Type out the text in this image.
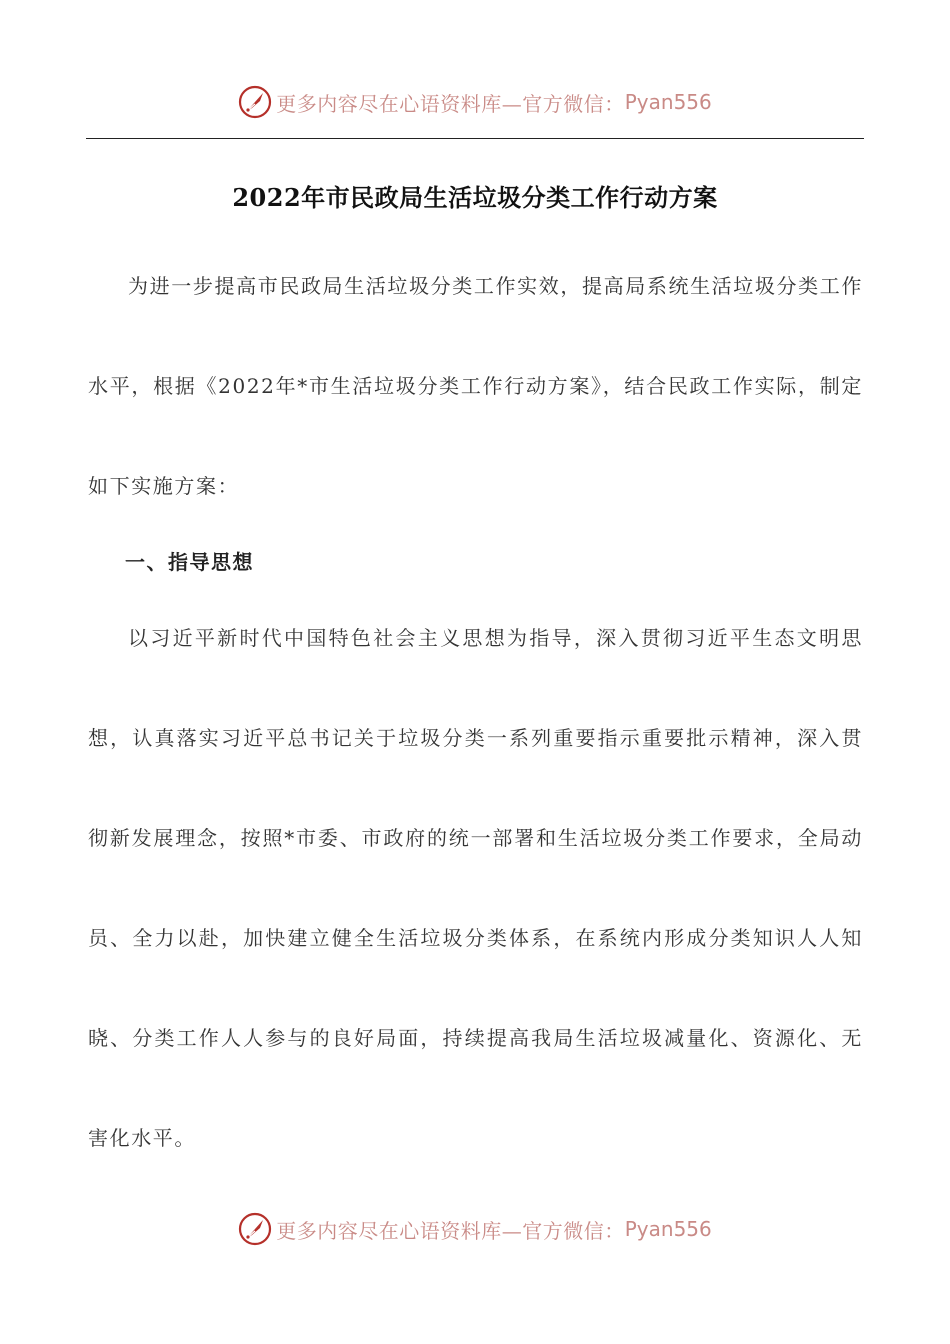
更多内容尽在心语资料库—官方微信： Pyan556
2022年市民政局生活垃圾分类工作行动方案

为进一步提高市民政局生活垃圾分类工作实效，提高局系统生活垃圾分类工作水平，根据《2022年*市生活垃圾分类工作行动方案》，结合民政工作实际，制定如下实施方案：

一、指导思想

以习近平新时代中国特色社会主义思想为指导，深入贯彻习近平生态文明思想，认真落实习近平总书记关于垃圾分类一系列重要指示重要批示精神，深入贯彻新发展理念，按照*市委、市政府的统一部署和生活垃圾分类工作要求，全局动员、全力以赴，加快建立健全生活垃圾分类体系，在系统内形成分类知识人人知晓、分类工作人人参与的良好局面，持续提高我局生活垃圾减量化、资源化、无害化水平。

更多内容尽在心语资料库—官方微信： Pyan556
